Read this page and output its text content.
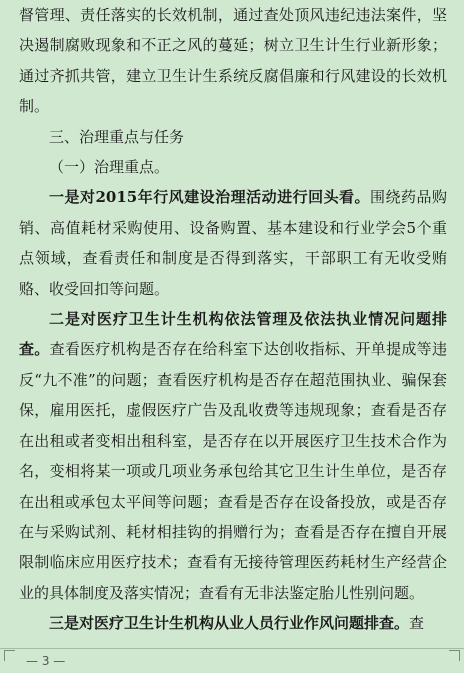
督管理、责任落实的长效机制，通过查处顶风违纪违法案件，坚决遏制腐败现象和不正之风的蔓延；树立卫生计生行业新形象；通过齐抓共管，建立卫生计生系统反腐倡廉和行风建设的长效机制。

三、治理重点与任务

（一）治理重点。

一是对2015年行风建设治理活动进行回头看。围绕药品购销、高值耗材采购使用、设备购置、基本建设和行业学会5个重点领域，查看责任和制度是否得到落实，干部职工有无收受贿赂、收受回扣等问题。

二是对医疗卫生计生机构依法管理及依法执业情况问题排查。查看医疗机构是否存在给科室下达创收指标、开单提成等违反“九不准”的问题；查看医疗机构是否存在超范围执业、骗保套保，雇用医托，虚假医疗广告及乱收费等违规现象；查看是否存在出租或者变相出租科室，是否存在以开展医疗卫生技术合作为名，变相将某一项或几项业务承包给其它卫生计生单位，是否存在出租或承包太平间等问题；查看是否存在设备投放，或是否存在与采购试剂、耗材相挂钩的捐赠行为；查看是否存在擅自开展限制临床应用医疗技术；查看有无接待管理医药耗材生产经营企业的具体制度及落实情况；查看有无非法鉴定胎儿性别问题。

三是对医疗卫生计生机构从业人员行业作风问题排查。查

— 3 —
